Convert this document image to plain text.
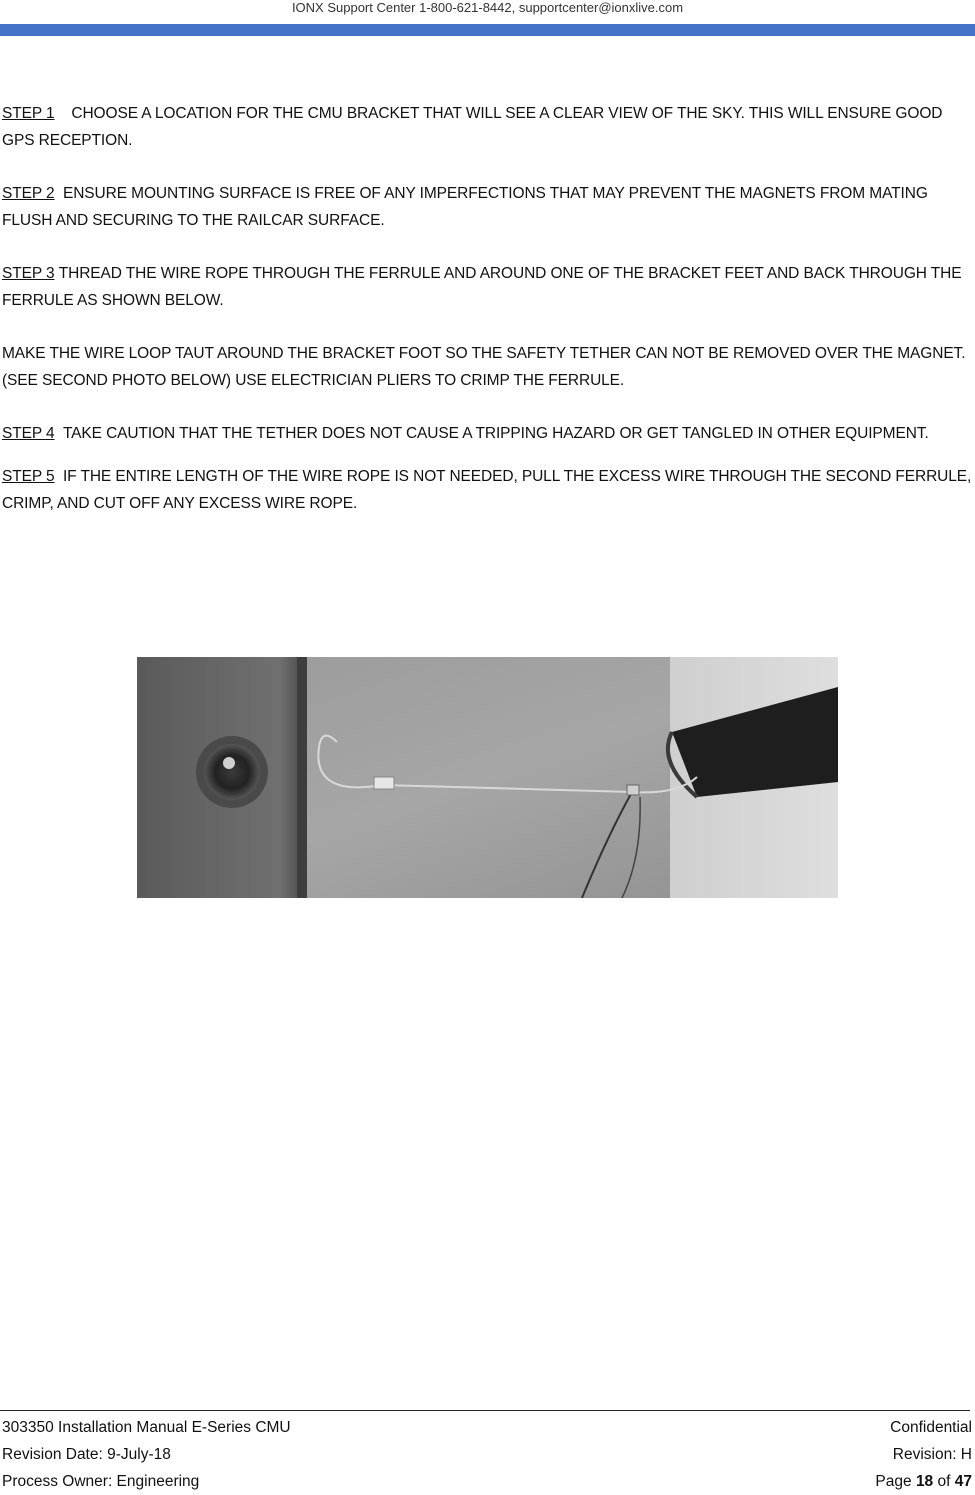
IONX Support Center 1-800-621-8442, supportcenter@ionxlive.com

STEP 1 CHOOSE A LOCATION FOR THE CMU BRACKET THAT WILL SEE A CLEAR VIEW OF THE SKY. THIS WILL ENSURE GOOD GPS RECEPTION.

STEP 2 ENSURE MOUNTING SURFACE IS FREE OF ANY IMPERFECTIONS THAT MAY PREVENT THE MAGNETS FROM MATING FLUSH AND SECURING TO THE RAILCAR SURFACE.

STEP 3 THREAD THE WIRE ROPE THROUGH THE FERRULE AND AROUND ONE OF THE BRACKET FEET AND BACK THROUGH THE FERRULE AS SHOWN BELOW.

MAKE THE WIRE LOOP TAUT AROUND THE BRACKET FOOT SO THE SAFETY TETHER CAN NOT BE REMOVED OVER THE MAGNET. (SEE SECOND PHOTO BELOW) USE ELECTRICIAN PLIERS TO CRIMP THE FERRULE.

STEP 4 TAKE CAUTION THAT THE TETHER DOES NOT CAUSE A TRIPPING HAZARD OR GET TANGLED IN OTHER EQUIPMENT.

STEP 5 IF THE ENTIRE LENGTH OF THE WIRE ROPE IS NOT NEEDED, PULL THE EXCESS WIRE THROUGH THE SECOND FERRULE, CRIMP, AND CUT OFF ANY EXCESS WIRE ROPE.

303350 Installation Manual E-Series CMU	Confidential
Revision Date: 9-July-18	Revision: H
Process Owner: Engineering	Page 18 of 47
